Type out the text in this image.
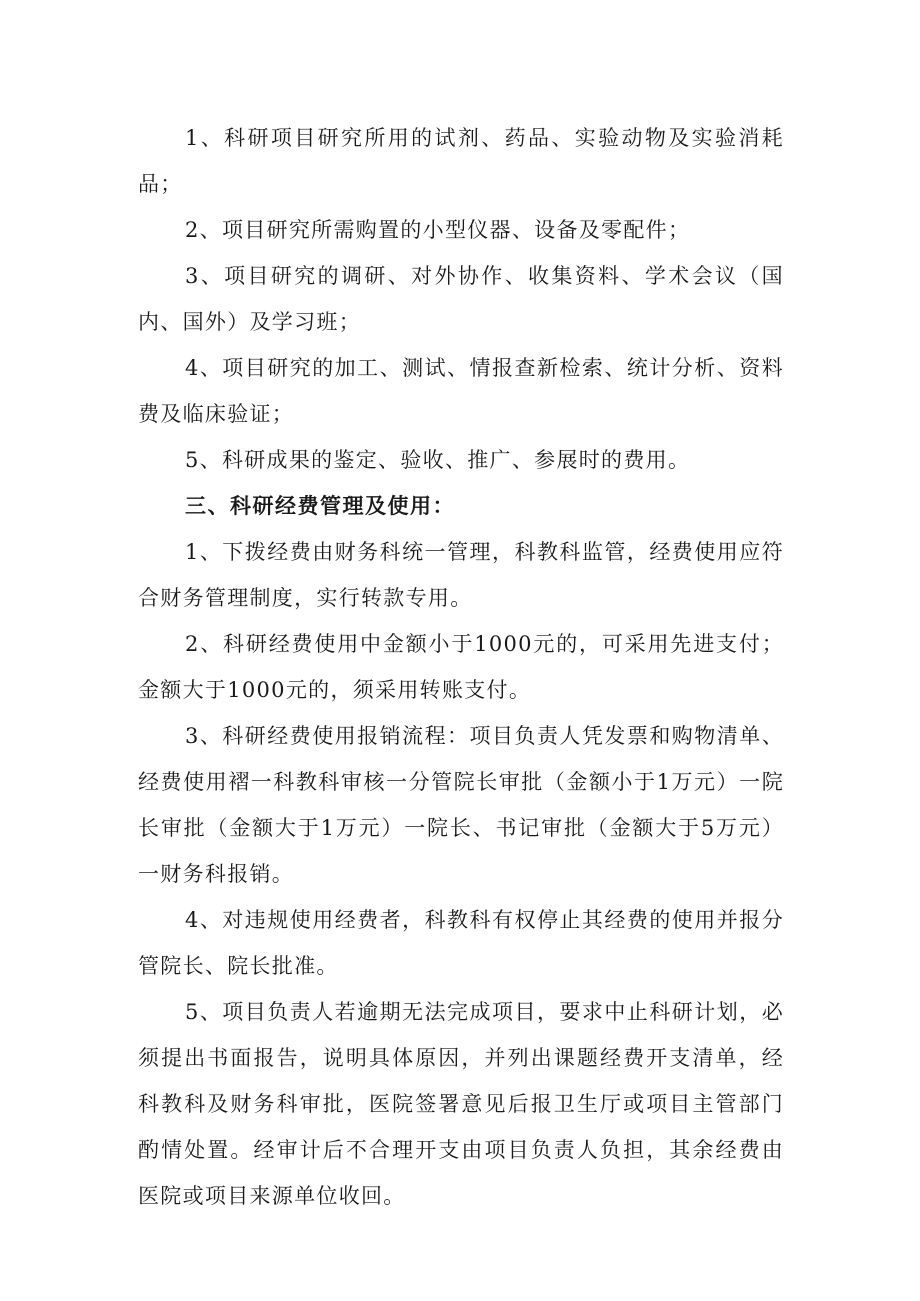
1、科研项目研究所用的试剂、药品、实验动物及实验消耗品；

2、项目研究所需购置的小型仪器、设备及零配件；

3、项目研究的调研、对外协作、收集资料、学术会议（国内、国外）及学习班；

4、项目研究的加工、测试、情报查新检索、统计分析、资料费及临床验证；

5、科研成果的鉴定、验收、推广、参展时的费用。

三、科研经费管理及使用：

1、下拨经费由财务科统一管理，科教科监管，经费使用应符合财务管理制度，实行转款专用。

2、科研经费使用中金额小于1000元的，可采用先进支付；金额大于1000元的，须采用转账支付。

3、科研经费使用报销流程：项目负责人凭发票和购物清单、经费使用褶一科教科审核一分管院长审批（金额小于1万元）一院长审批（金额大于1万元）一院长、书记审批（金额大于5万元）一财务科报销。

4、对违规使用经费者，科教科有权停止其经费的使用并报分管院长、院长批准。

5、项目负责人若逾期无法完成项目，要求中止科研计划，必须提出书面报告，说明具体原因，并列出课题经费开支清单，经科教科及财务科审批，医院签署意见后报卫生厅或项目主管部门酌情处置。经审计后不合理开支由项目负责人负担，其余经费由医院或项目来源单位收回。
